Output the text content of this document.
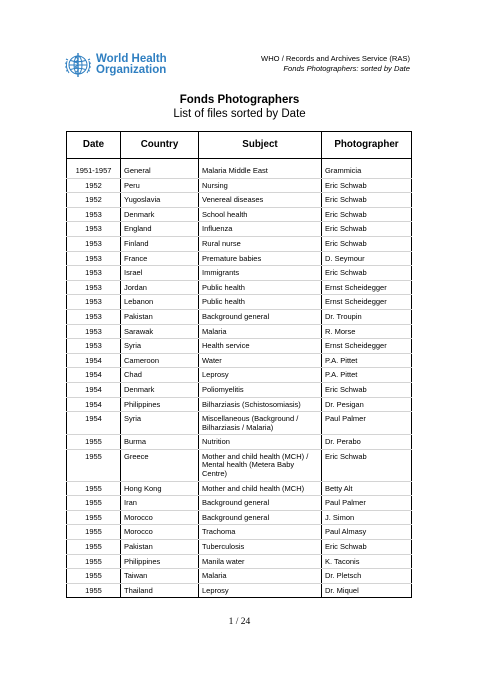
World Health
Organization
WHO / Records and Archives Service (RAS)
Fonds Photographers: sorted by Date
Fonds Photographers
List of files sorted by Date
Date	Country	Subject	Photographer

1951-1957	General	Malaria Middle East	Grammicia
1952	Peru	Nursing	Eric Schwab
1952	Yugoslavia	Venereal diseases	Eric Schwab
1953	Denmark	School health	Eric Schwab
1953	England	Influenza	Eric Schwab
1953	Finland	Rural nurse	Eric Schwab
1953	France	Premature babies	D. Seymour
1953	Israel	Immigrants	Eric Schwab
1953	Jordan	Public health	Ernst Scheidegger
1953	Lebanon	Public health	Ernst Scheidegger
1953	Pakistan	Background general	Dr. Troupin
1953	Sarawak	Malaria	R. Morse
1953	Syria	Health service	Ernst Scheidegger
1954	Cameroon	Water	P.A. Pittet
1954	Chad	Leprosy	P.A. Pittet
1954	Denmark	Poliomyelitis	Eric Schwab
1954	Philippines	Bilharziasis (Schistosomiasis)	Dr. Pesigan
1954	Syria	Miscellaneous (Background / Bilharziasis / Malaria)	Paul Palmer
1955	Burma	Nutrition	Dr. Perabo
1955	Greece	Mother and child health (MCH) / Mental health (Metera Baby Centre)	Eric Schwab
1955	Hong Kong	Mother and child health (MCH)	Betty Alt
1955	Iran	Background general	Paul Palmer
1955	Morocco	Background general	J. Simon
1955	Morocco	Trachoma	Paul Almasy
1955	Pakistan	Tuberculosis	Eric Schwab
1955	Philippines	Manila water	K. Taconis
1955	Taiwan	Malaria	Dr. Pletsch
1955	Thailand	Leprosy	Dr. Miquel
1 / 24
